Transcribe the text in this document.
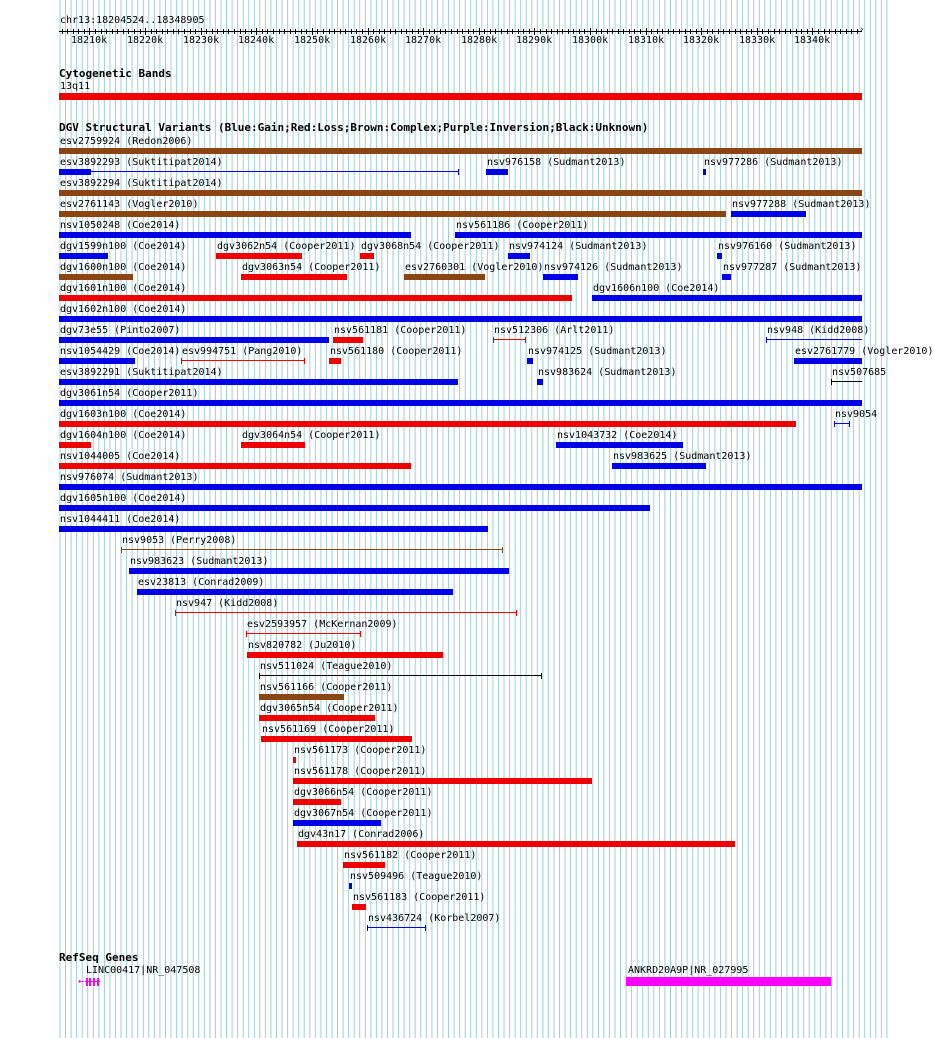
chr13:18204524..18348905
›
18210k 18220k 18230k 18240k 18250k 18260k 18270k 18280k 18290k 18300k 18310k 18320k 18330k 18340k
Cytogenetic Bands
13q11
DGV Structural Variants (Blue:Gain;Red:Loss;Brown:Complex;Purple:Inversion;Black:Unknown)
esv2759924 (Redon2006)
esv3892293 (Suktitipat2014)	nsv976158 (Sudmant2013)	nsv977286 (Sudmant2013)
esv3892294 (Suktitipat2014)
esv2761143 (Vogler2010)	nsv977288 (Sudmant2013)
nsv1050248 (Coe2014)	nsv561186 (Cooper2011)
dgv1599n100 (Coe2014)	dgv3062n54 (Cooper2011) dgv3068n54 (Cooper2011) nsv974124 (Sudmant2013)	nsv976160 (Sudmant2013)
dgv1600n100 (Coe2014)	dgv3063n54 (Cooper2011) esv2760301 (Vogler2010) nsv974126 (Sudmant2013)	nsv977287 (Sudmant2013)
dgv1601n100 (Coe2014)	dgv1606n100 (Coe2014)
dgv1602n100 (Coe2014)
dgv73e55 (Pinto2007)	nsv561181 (Cooper2011)	nsv512306 (Arlt2011)	nsv948 (Kidd2008)
nsv1054429 (Coe2014) esv994751 (Pang2010)	nsv561180 (Cooper2011)	nsv974125 (Sudmant2013)	esv2761779 (Vogler2010)
esv3892291 (Suktitipat2014)	nsv983624 (Sudmant2013)	nsv507685
dgv3061n54 (Cooper2011)
dgv1603n100 (Coe2014)	nsv9054
dgv1604n100 (Coe2014)	dgv3064n54 (Cooper2011)	nsv1043732 (Coe2014)
nsv1044005 (Coe2014)	nsv983625 (Sudmant2013)
nsv976074 (Sudmant2013)
dgv1605n100 (Coe2014)
nsv1044411 (Coe2014)
nsv9053 (Perry2008)
nsv983623 (Sudmant2013)
esv23813 (Conrad2009)
nsv947 (Kidd2008)
esv2593957 (McKernan2009)
nsv820782 (Ju2010)
nsv511024 (Teague2010)
nsv561166 (Cooper2011)
dgv3065n54 (Cooper2011)
nsv561169 (Cooper2011)
nsv561173 (Cooper2011)
nsv561178 (Cooper2011)
dgv3066n54 (Cooper2011)
dgv3067n54 (Cooper2011)
dgv43n17 (Conrad2006)
nsv561182 (Cooper2011)
nsv509496 (Teague2010)
nsv561183 (Cooper2011)
nsv436724 (Korbel2007)
RefSeq Genes
LINC00417|NR_047508
←
ANKRD20A9P|NR_027995
